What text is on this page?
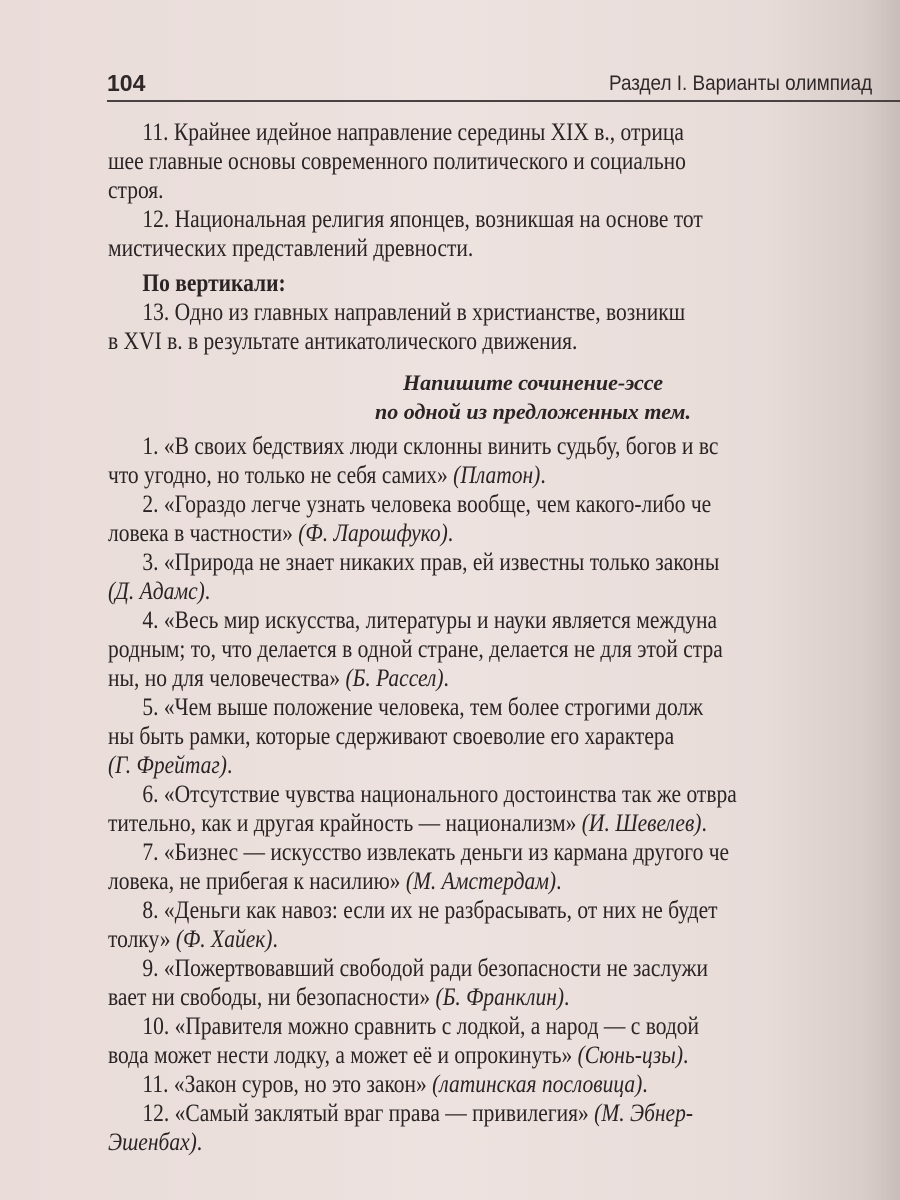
104	Раздел I. Варианты олимпиад
11. Крайнее идейное направление середины XIX в., отрица
шее главные основы современного политического и социально
строя.
12. Национальная религия японцев, возникшая на основе тот
мистических представлений древности.
По вертикали:
13. Одно из главных направлений в христианстве, возникш
в XVI в. в результате антикатолического движения.
Напишите сочинение-эссе
по одной из предложенных тем.
1. «В своих бедствиях люди склонны винить судьбу, богов и вс
что угодно, но только не себя самих» (Платон).
2. «Гораздо легче узнать человека вообще, чем какого-либо че
ловека в частности» (Ф. Ларошфуко).
3. «Природа не знает никаких прав, ей известны только законы
(Д. Адамс).
4. «Весь мир искусства, литературы и науки является междуна
родным; то, что делается в одной стране, делается не для этой стра
ны, но для человечества» (Б. Рассел).
5. «Чем выше положение человека, тем более строгими долж
ны быть рамки, которые сдерживают своеволие его характера
(Г. Фрейтаг).
6. «Отсутствие чувства национального достоинства так же отвра
тительно, как и другая крайность — национализм» (И. Шевелев).
7. «Бизнес — искусство извлекать деньги из кармана другого че
ловека, не прибегая к насилию» (М. Амстердам).
8. «Деньги как навоз: если их не разбрасывать, от них не будет
толку» (Ф. Хайек).
9. «Пожертвовавший свободой ради безопасности не заслужи
вает ни свободы, ни безопасности» (Б. Франклин).
10. «Правителя можно сравнить с лодкой, а народ — с водой
вода может нести лодку, а может её и опрокинуть» (Сюнь-цзы).
11. «Закон суров, но это закон» (латинская пословица).
12. «Самый заклятый враг права — привилегия» (М. Эбнер-
Эшенбах).
